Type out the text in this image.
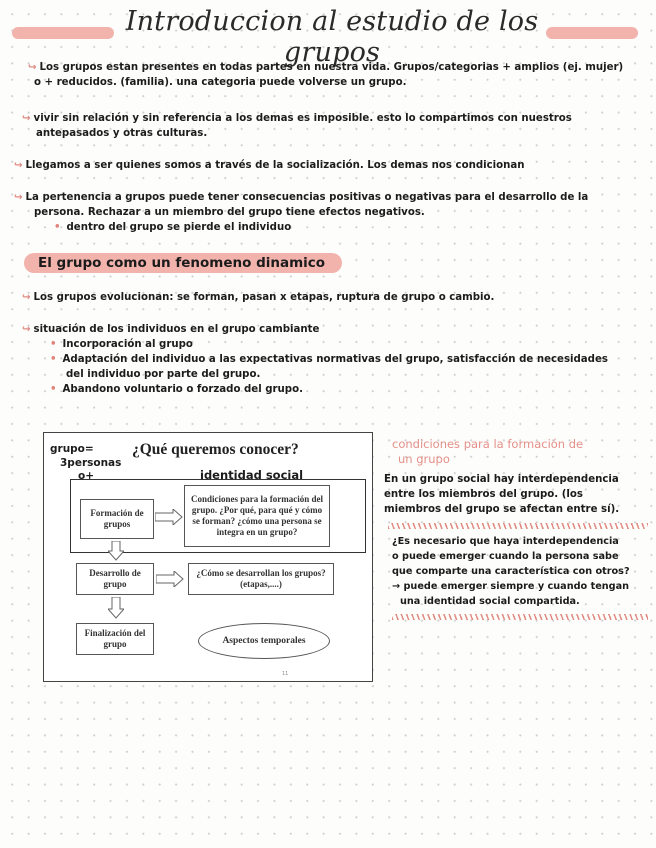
Introduccion al estudio de los grupos
↪ Los grupos estan presentes en todas partes en nuestra vida. Grupos/categorias + amplios (ej. mujer)
o + reducidos. (familia). una categoria puede volverse un grupo.
↪ vivir sin relación y sin referencia a los demas es imposible. esto lo compartimos con nuestros
antepasados y otras culturas.
↪ Llegamos a ser quienes somos a través de la socialización. Los demas nos condicionan
↪ La pertenencia a grupos puede tener consecuencias positivas o negativas para el desarrollo de la
persona. Rechazar a un miembro del grupo tiene efectos negativos.
• dentro del grupo se pierde el individuo
El grupo como un fenomeno dinamico
↪ Los grupos evolucionan: se forman, pasan x etapas, ruptura de grupo o cambio.
↪ situación de los individuos en el grupo cambiante
• Incorporación al grupo
• Adaptación del individuo a las expectativas normativas del grupo, satisfacción de necesidades
del individuo por parte del grupo.
• Abandono voluntario o forzado del grupo.
grupo=
3personas
o+
¿Qué queremos conocer?
identidad social
Formación de grupos
Condiciones para la formación del grupo. ¿Por qué, para qué y cómo se forman? ¿cómo una persona se integra en un grupo?
Desarrollo de grupo
¿Cómo se desarrollan los grupos? (etapas,....)
Finalización del grupo	Aspectos temporales
11
condiciones para la formación de
un grupo
En un grupo social hay interdependencia
entre los miembros del grupo. (los
miembros del grupo se afectan entre sí).
¿Es necesario que haya interdependencia
o puede emerger cuando la persona sabe
que comparte una característica con otros?
→ puede emerger siempre y cuando tengan
una identidad social compartida.
